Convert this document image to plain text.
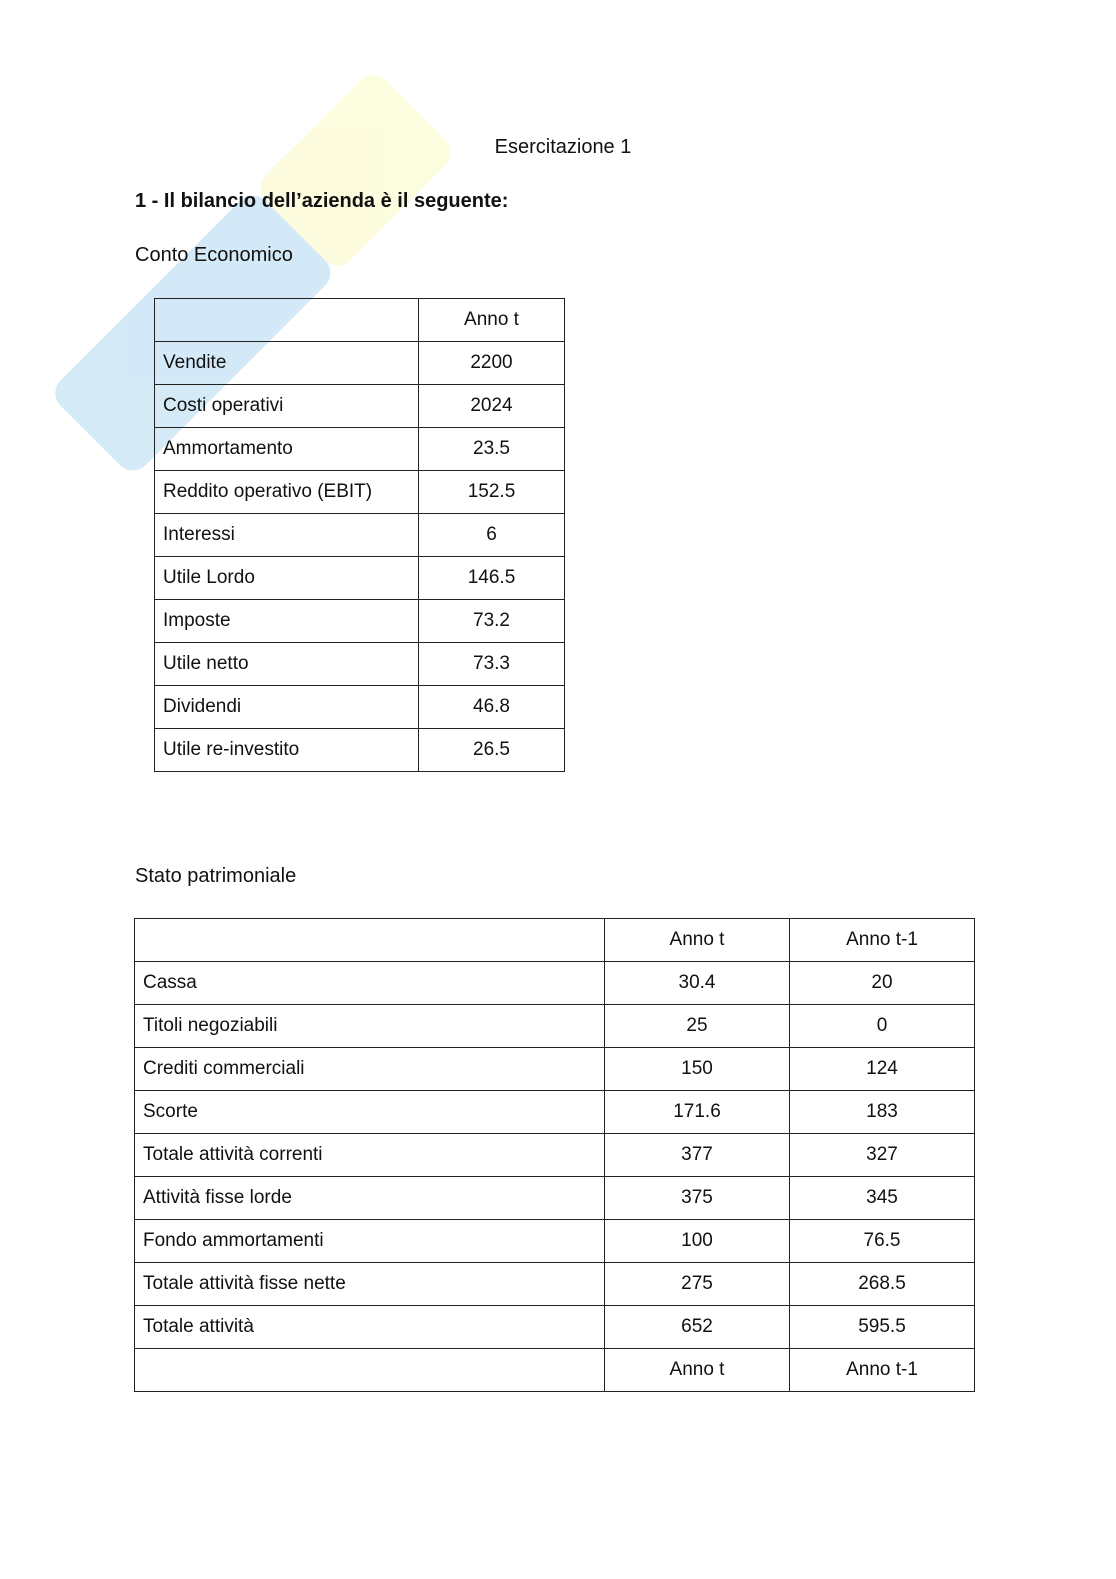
Esercitazione 1
1 - Il bilancio dell’azienda è il seguente:
Conto Economico
	Anno t
Vendite	2200
Costi operativi	2024
Ammortamento	23.5
Reddito operativo (EBIT)	152.5
Interessi	6
Utile Lordo	146.5
Imposte	73.2
Utile netto	73.3
Dividendi	46.8
Utile re-investito	26.5
Stato patrimoniale
	Anno t	Anno t-1
Cassa	30.4	20
Titoli negoziabili	25	0
Crediti commerciali	150	124
Scorte	171.6	183
Totale attività correnti	377	327
Attività fisse lorde	375	345
Fondo ammortamenti	100	76.5
Totale attività fisse nette	275	268.5
Totale attività	652	595.5
	Anno t	Anno t-1
